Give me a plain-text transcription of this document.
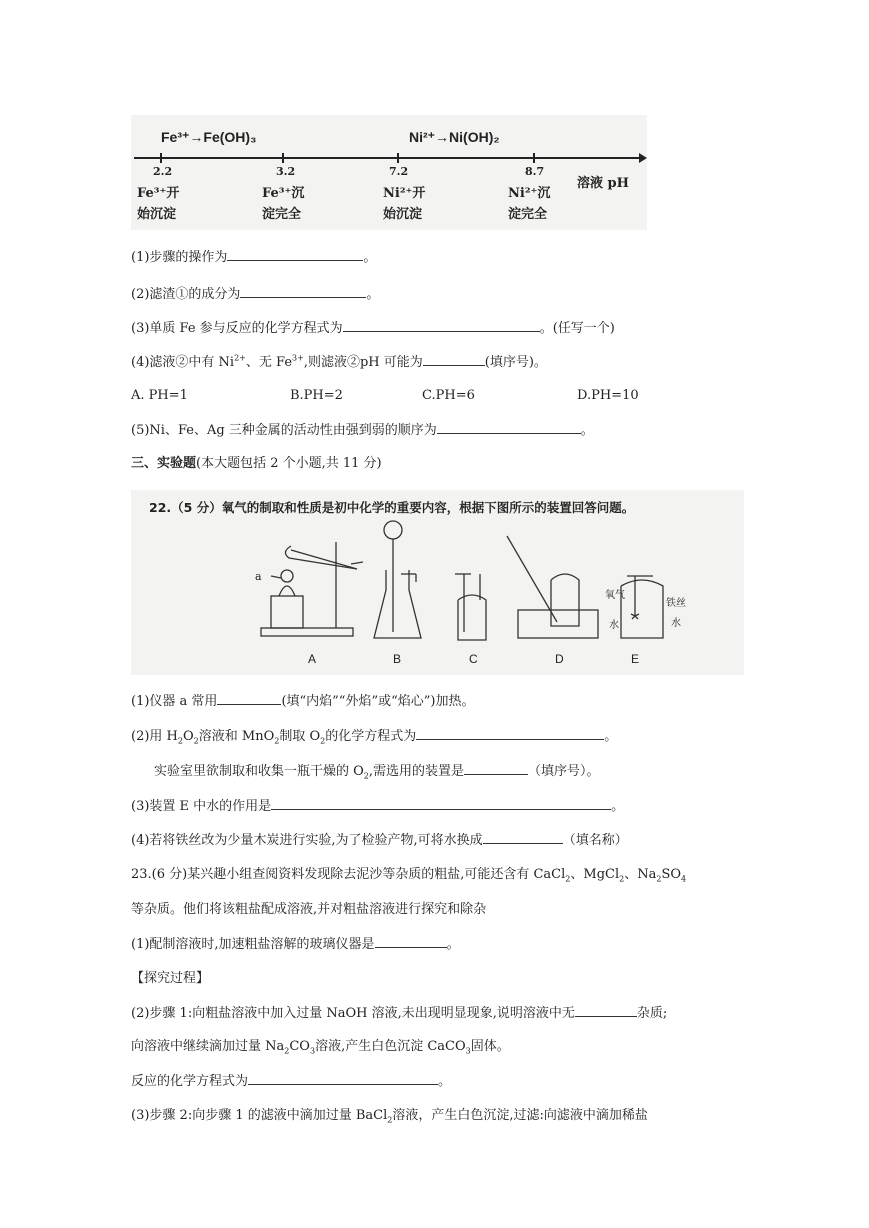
Fe³⁺→Fe(OH)₃	Ni²⁺→Ni(OH)₂
2.2
Fe³⁺开
始沉淀
3.2
Fe³⁺沉
淀完全
7.2
Ni²⁺开
始沉淀
8.7
Ni²⁺沉
淀完全
溶液 pH
(1)步骤的操作为	。
(2)滤渣①的成分为	。
(3)单质 Fe 参与反应的化学方程式为	。(任写一个)
(4)滤液②中有 $Ni^{2+}$、无 $Fe^{3+}$,则滤液②pH 可能为	(填序号)。
A. PH=1	B.PH=2	C.PH=6	D.PH=10
(5)Ni、Fe、Ag 三种金属的活动性由强到弱的顺序为	。
三、实验题(本大题包括 2 个小题,共 11 分)
22.（5 分）氧气的制取和性质是初中化学的重要内容，根据下图所示的装置回答问题。
a
氧气
铁丝
水	水
A	B	C	D	E
(1)仪器 a 常用	(填“内焰”“外焰”或“焰心”)加热。
(2)用 $H_2O_2$溶液和 MnO$_2$制取 $O_2$的化学方程式为	。
实验室里欲制取和收集一瓶干燥的 $O_2$,需选用的装置是	（填序号）。
(3)装置 E 中水的作用是	。
(4)若将铁丝改为少量木炭进行实验,为了检验产物,可将水换成	（填名称）
23.(6 分)某兴趣小组查阅资料发现除去泥沙等杂质的粗盐,可能还含有 CaCl$_2$、MgCl$_2$、$Na_2SO_4$
等杂质。他们将该粗盐配成溶液,并对粗盐溶液进行探究和除杂
(1)配制溶液时,加速粗盐溶解的玻璃仪器是	。
【探究过程】
(2)步骤 1:向粗盐溶液中加入过量 NaOH 溶液,未出现明显现象,说明溶液中无	杂质;
向溶液中继续滴加过量 $Na_2CO_3$溶液,产生白色沉淀 CaCO$_3$固体。
反应的化学方程式为	。
(3)步骤 2:向步骤 1 的滤液中滴加过量 BaCl$_2$溶液，产生白色沉淀,过滤:向滤液中滴加稀盐
